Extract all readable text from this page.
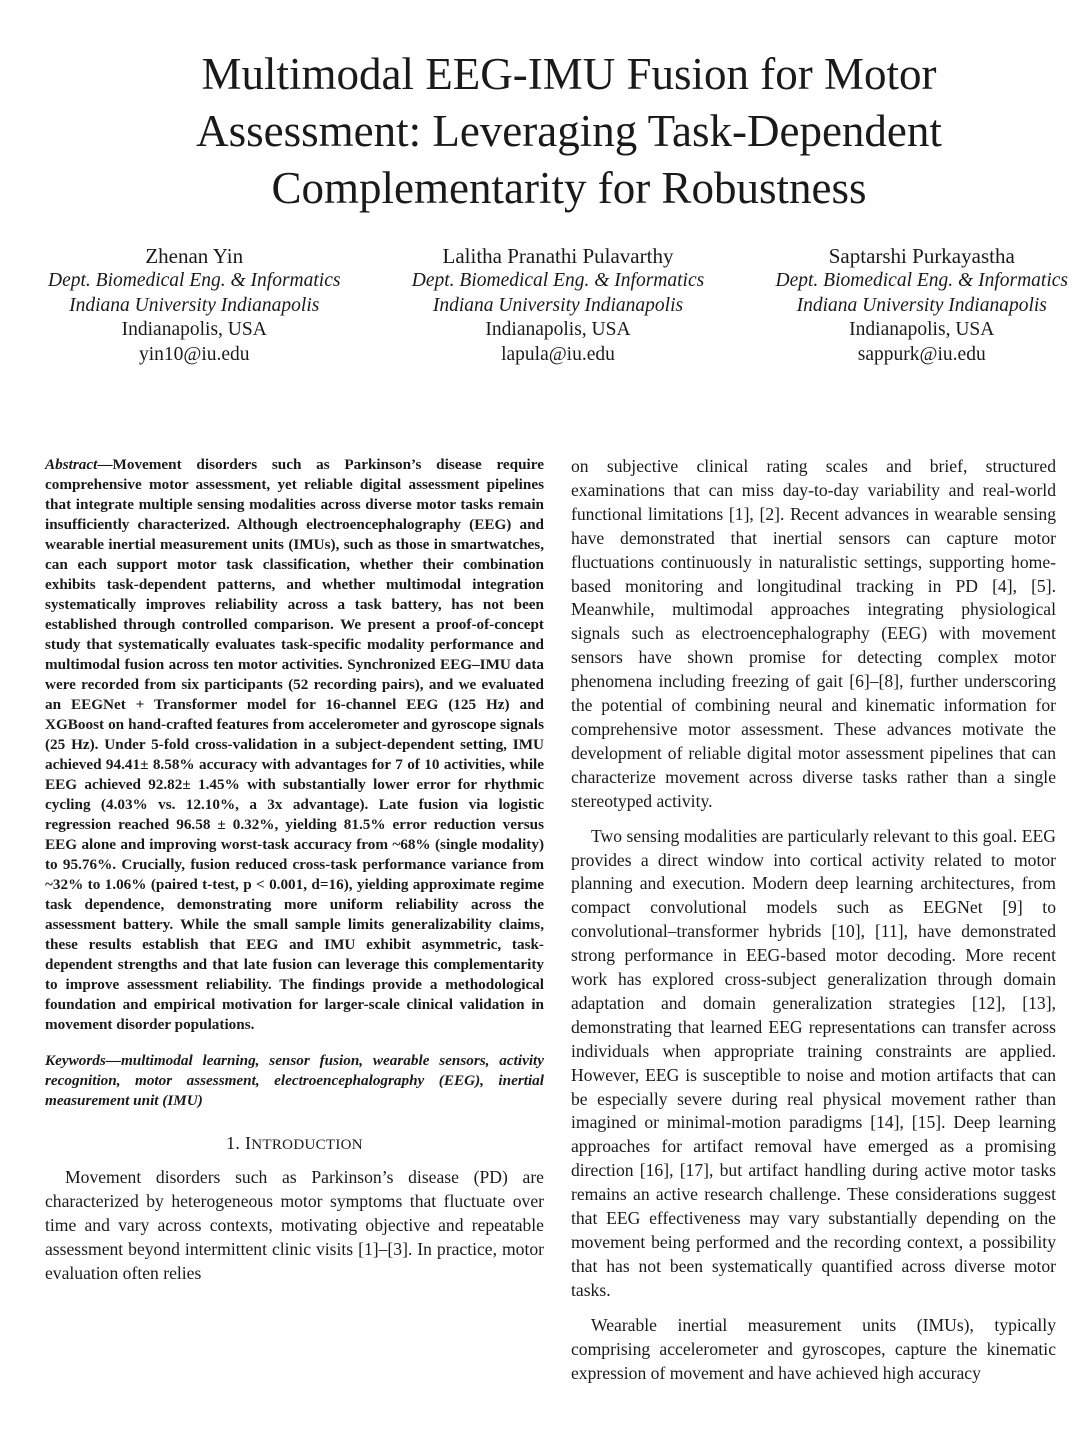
Multimodal EEG-IMU Fusion for Motor
Assessment: Leveraging Task-Dependent
Complementarity for Robustness
Zhenan Yin
Dept. Biomedical Eng. & Informatics
Indiana University Indianapolis
Indianapolis, USA
yin10@iu.edu
Lalitha Pranathi Pulavarthy
Dept. Biomedical Eng. & Informatics
Indiana University Indianapolis
Indianapolis, USA
lapula@iu.edu
Saptarshi Purkayastha
Dept. Biomedical Eng. & Informatics
Indiana University Indianapolis
Indianapolis, USA
sappurk@iu.edu

Abstract—Movement disorders such as Parkinson’s disease require comprehensive motor assessment, yet reliable digital assessment pipelines that integrate multiple sensing modalities across diverse motor tasks remain insufficiently characterized. Although electroencephalography (EEG) and wearable inertial measurement units (IMUs), such as those in smartwatches, can each support motor task classification, whether their combination exhibits task-dependent patterns, and whether multimodal integration systematically improves reliability across a task battery, has not been established through controlled comparison. We present a proof-of-concept study that systematically evaluates task-specific modality performance and multimodal fusion across ten motor activities. Synchronized EEG–IMU data were recorded from six participants (52 recording pairs), and we evaluated an EEGNet + Transformer model for 16-channel EEG (125 Hz) and XGBoost on hand-crafted features from accelerometer and gyroscope signals (25 Hz). Under 5-fold cross-validation in a subject-dependent setting, IMU achieved 94.41± 8.58% accuracy with advantages for 7 of 10 activities, while EEG achieved 92.82± 1.45% with substantially lower error for rhythmic cycling (4.03% vs. 12.10%, a 3x advantage). Late fusion via logistic regression reached 96.58 ± 0.32%, yielding 81.5% error reduction versus EEG alone and improving worst-task accuracy from ~68% (single modality) to 95.76%. Crucially, fusion reduced cross-task performance variance from ~32% to 1.06% (paired t-test, p < 0.001, d=16), yielding approximate regime task dependence, demonstrating more uniform reliability across the assessment battery. While the small sample limits generalizability claims, these results establish that EEG and IMU exhibit asymmetric, task-dependent strengths and that late fusion can leverage this complementarity to improve assessment reliability. The findings provide a methodological foundation and empirical motivation for larger-scale clinical validation in movement disorder populations.

Keywords—multimodal learning, sensor fusion, wearable sensors, activity recognition, motor assessment, electroencephalography (EEG), inertial measurement unit (IMU)

1. INTRODUCTION

Movement disorders such as Parkinson’s disease (PD) are characterized by heterogeneous motor symptoms that fluctuate over time and vary across contexts, motivating objective and repeatable assessment beyond intermittent clinic visits [1]–[3]. In practice, motor evaluation often relies

on subjective clinical rating scales and brief, structured examinations that can miss day-to-day variability and real-world functional limitations [1], [2]. Recent advances in wearable sensing have demonstrated that inertial sensors can capture motor fluctuations continuously in naturalistic settings, supporting home-based monitoring and longitudinal tracking in PD [4], [5]. Meanwhile, multimodal approaches integrating physiological signals such as electroencephalography (EEG) with movement sensors have shown promise for detecting complex motor phenomena including freezing of gait [6]–[8], further underscoring the potential of combining neural and kinematic information for comprehensive motor assessment. These advances motivate the development of reliable digital motor assessment pipelines that can characterize movement across diverse tasks rather than a single stereotyped activity.

Two sensing modalities are particularly relevant to this goal. EEG provides a direct window into cortical activity related to motor planning and execution. Modern deep learning architectures, from compact convolutional models such as EEGNet [9] to convolutional–transformer hybrids [10], [11], have demonstrated strong performance in EEG-based motor decoding. More recent work has explored cross-subject generalization through domain adaptation and domain generalization strategies [12], [13], demonstrating that learned EEG representations can transfer across individuals when appropriate training constraints are applied. However, EEG is susceptible to noise and motion artifacts that can be especially severe during real physical movement rather than imagined or minimal-motion paradigms [14], [15]. Deep learning approaches for artifact removal have emerged as a promising direction [16], [17], but artifact handling during active motor tasks remains an active research challenge. These considerations suggest that EEG effectiveness may vary substantially depending on the movement being performed and the recording context, a possibility that has not been systematically quantified across diverse motor tasks.

Wearable inertial measurement units (IMUs), typically comprising accelerometer and gyroscopes, capture the kinematic expression of movement and have achieved high accuracy
